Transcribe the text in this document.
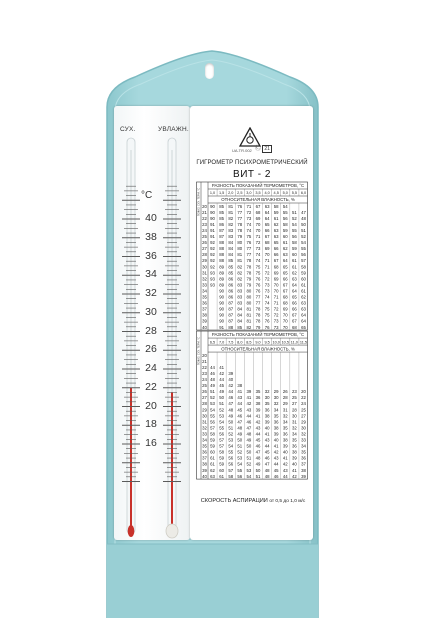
СУХ.	УВЛАЖН.
°C
40
38
36
34
32
30
28
26
24
22
20
18
16
UA.TR.002 Ⓒ 21
ГИГРОМЕТР ПСИХРОМЕТРИЧЕСКИЙ
ВИТ - 2
ПОКАЗ. СУХ. ТЕРМ. °С
РАЗНОСТЬ ПОКАЗАНИЙ ТЕРМОМЕТРОВ, °С
1,0 1,5 2,0 2,5 3,0 3,5 4,0 4,5 5,0 5,5 6,0
ОТНОСИТЕЛЬНАЯ ВЛАЖНОСТЬ, %
20 90 85 81 76 71 67 63 58 54
21 90 85 81 77 72 68 64 59 55 51 47
22 90 85 82 77 73 69 64 61 56 52 48
23 91 86 82 78 74 70 65 62 58 54 50
24 91 87 83 78 74 70 66 63 59 55 51
25 91 87 83 79 75 71 67 63 60 56 52
26 92 88 84 80 76 72 68 65 61 58 54
27 92 88 84 80 77 73 69 66 62 59 55
28 92 88 84 81 77 74 70 66 63 60 56
29 92 88 85 81 78 74 71 67 64 61 57
30 92 89 85 82 78 75 71 68 65 61 58
31 93 89 85 82 78 75 72 69 65 62 59
32 93 89 86 82 79 76 72 69 66 63 60
33 93 89 86 83 79 76 73 70 67 64 61
34	90 86 83 80 76 73 70 67 64 61
35	90 86 83 80 77 74 71 68 65 62
36	90 87 83 80 77 74 71 68 66 63
37	90 87 84 81 78 75 72 69 66 63
38	90 87 84 81 78 75 72 70 67 64
39	90 87 84 81 78 76 73 70 67 64
40	91 88 85 82 79 76 73 70 68 65
ПОКАЗ. СУХ. ТЕРМ. °С
РАЗНОСТЬ ПОКАЗАНИЙ ТЕРМОМЕТРОВ, °С
6,5 7,0 7,5 8,0 8,5 9,0 9,5 10,0 10,5 11,0 11,5
ОТНОСИТЕЛЬНАЯ ВЛАЖНОСТЬ, %
20
21
22 44 41
23 46 42 39
24 48 44 40
25 49 45 42 38
26 51 49 44 41 39 35 32 29 26 23 20
27 52 50 46 43 41 36 30 30 28 25 22
28 53 51 47 44 42 38 35 32 29 27 24
29 54 52 48 45 43 39 36 34 31 28 25
30 55 53 49 46 44 41 38 35 32 30 27
31 56 54 50 47 46 42 39 36 34 31 29
32 57 55 51 48 47 43 40 38 35 32 30
33 58 56 52 49 48 44 41 39 36 34 32
34 59 57 53 50 49 45 43 40 38 35 33
35 59 57 54 51 50 46 44 41 39 36 34
36 60 58 55 52 50 47 45 42 40 38 35
37 61 59 56 53 51 48 46 43 41 39 36
38 61 59 56 54 52 49 47 44 42 40 37
39 62 60 57 55 53 50 48 45 43 41 38
40 63 61 58 56 54 51 48 46 44 42 39
СКОРОСТЬ АСПИРАЦИИ от 0,5 до 1,0 м/с
